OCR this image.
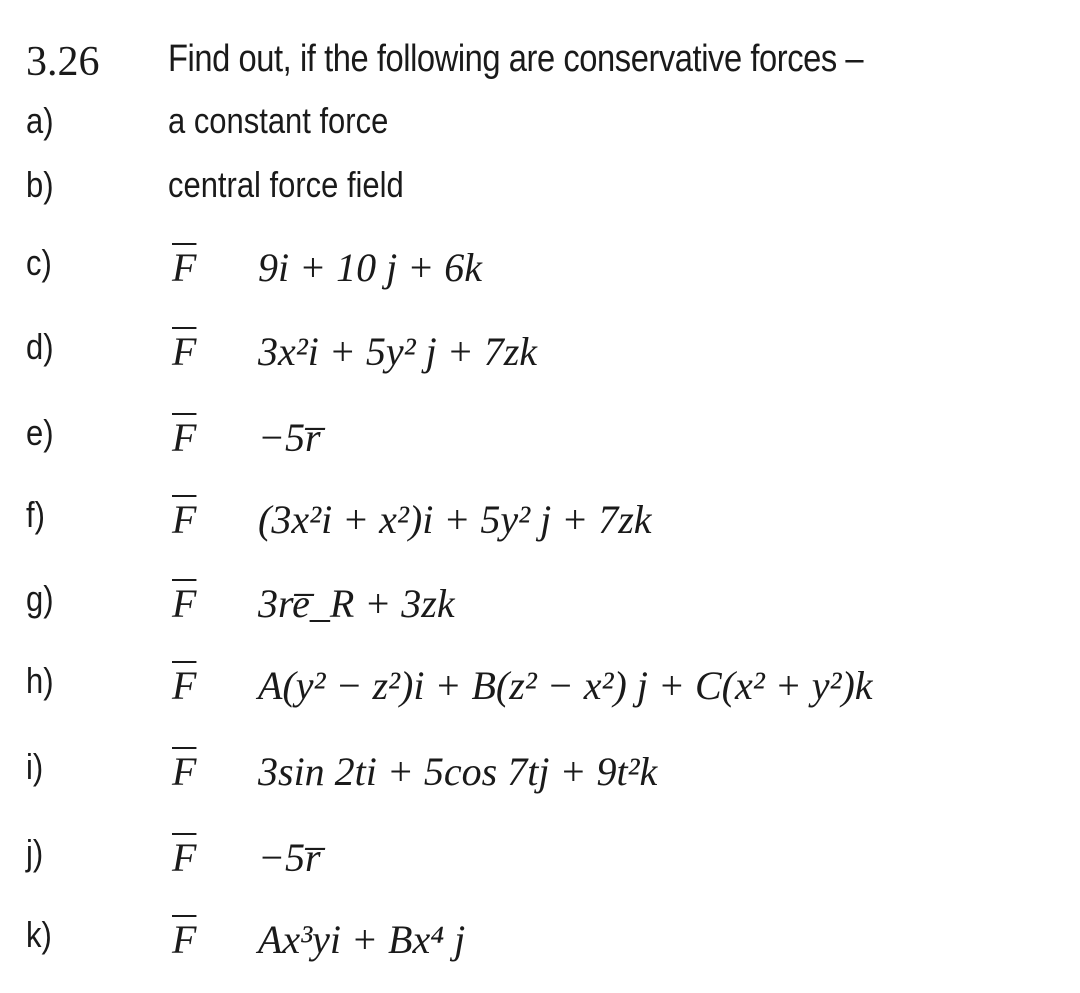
3.26 Find out, if the following are conservative forces –
a)	a constant force
b)	central force field
c)	$\overline{F}$ 9i + 10 j + 6k
d)	$\overline{F}$ 3x²i + 5y² j + 7zk
e)	$\overline{F}$ −5r̅
f)	$\overline{F}$ (3x²i + x²)i + 5y² j + 7zk
g)	$\overline{F}$ 3re̅_R + 3zk
h)	$\overline{F}$ A(y² − z²)i + B(z² − x²) j + C(x² + y²)k
i)	$\overline{F}$ 3sin 2ti + 5cos 7tj + 9t²k
j)	$\overline{F}$ −5r̅
k)	$\overline{F}$ Ax³yi + Bx⁴ j
